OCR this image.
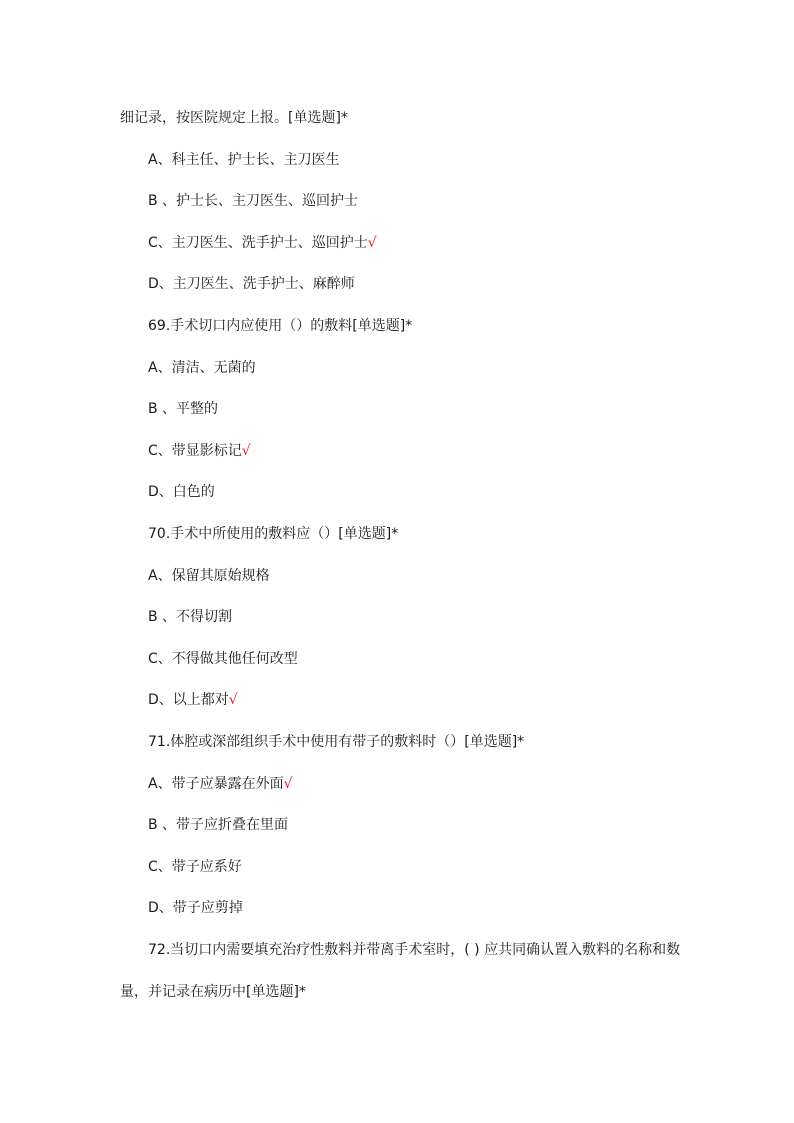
细记录，按医院规定上报。[单选题]*
A、科主任、护士长、主刀医生
B 、护士长、主刀医生、巡回护士
C、主刀医生、洗手护士、巡回护士√
D、主刀医生、洗手护士、麻醉师
69.手术切口内应使用（）的敷料[单选题]*
A、清洁、无菌的
B 、平整的
C、带显影标记√
D、白色的
70.手术中所使用的敷料应（）[单选题]*
A、保留其原始规格
B 、不得切割
C、不得做其他任何改型
D、以上都对√
71.体腔或深部组织手术中使用有带子的敷料时（）[单选题]*
A、带子应暴露在外面√
B 、带子应折叠在里面
C、带子应系好
D、带子应剪掉
72.当切口内需要填充治疗性敷料并带离手术室时，( ) 应共同确认置入敷料的名称和数
量，并记录在病历中[单选题]*
